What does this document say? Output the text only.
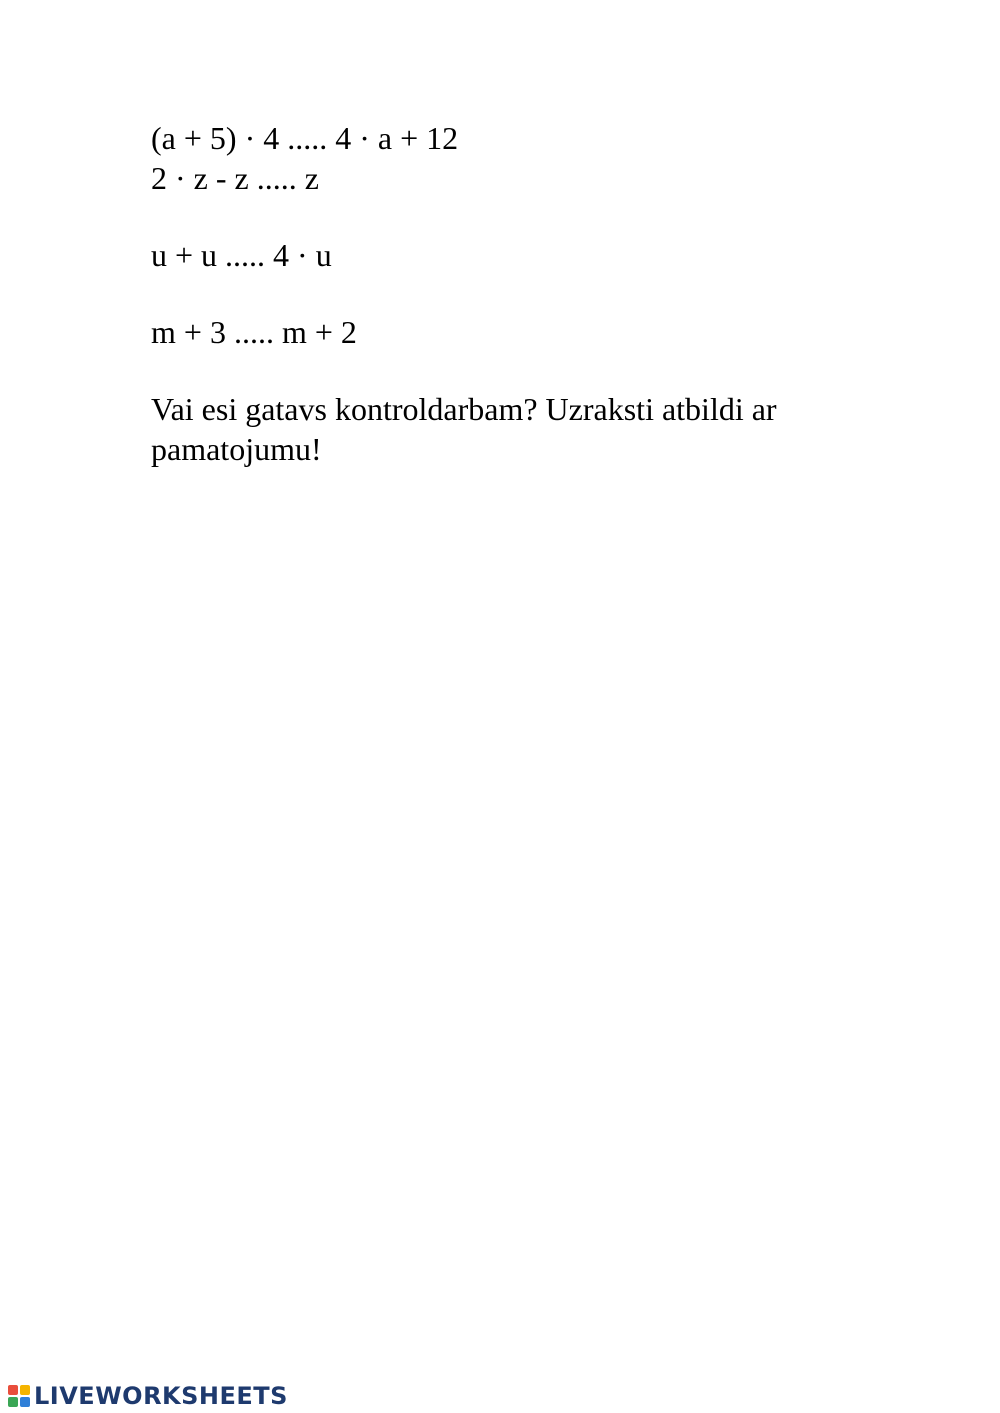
(a + 5) · 4 ..... 4 · a + 12

2 · z - z ..... z

u + u ..... 4 · u

m + 3 ..... m + 2

Vai esi gatavs kontroldarbam? Uzraksti atbildi ar pamatojumu!

LIVEWORKSHEETS
